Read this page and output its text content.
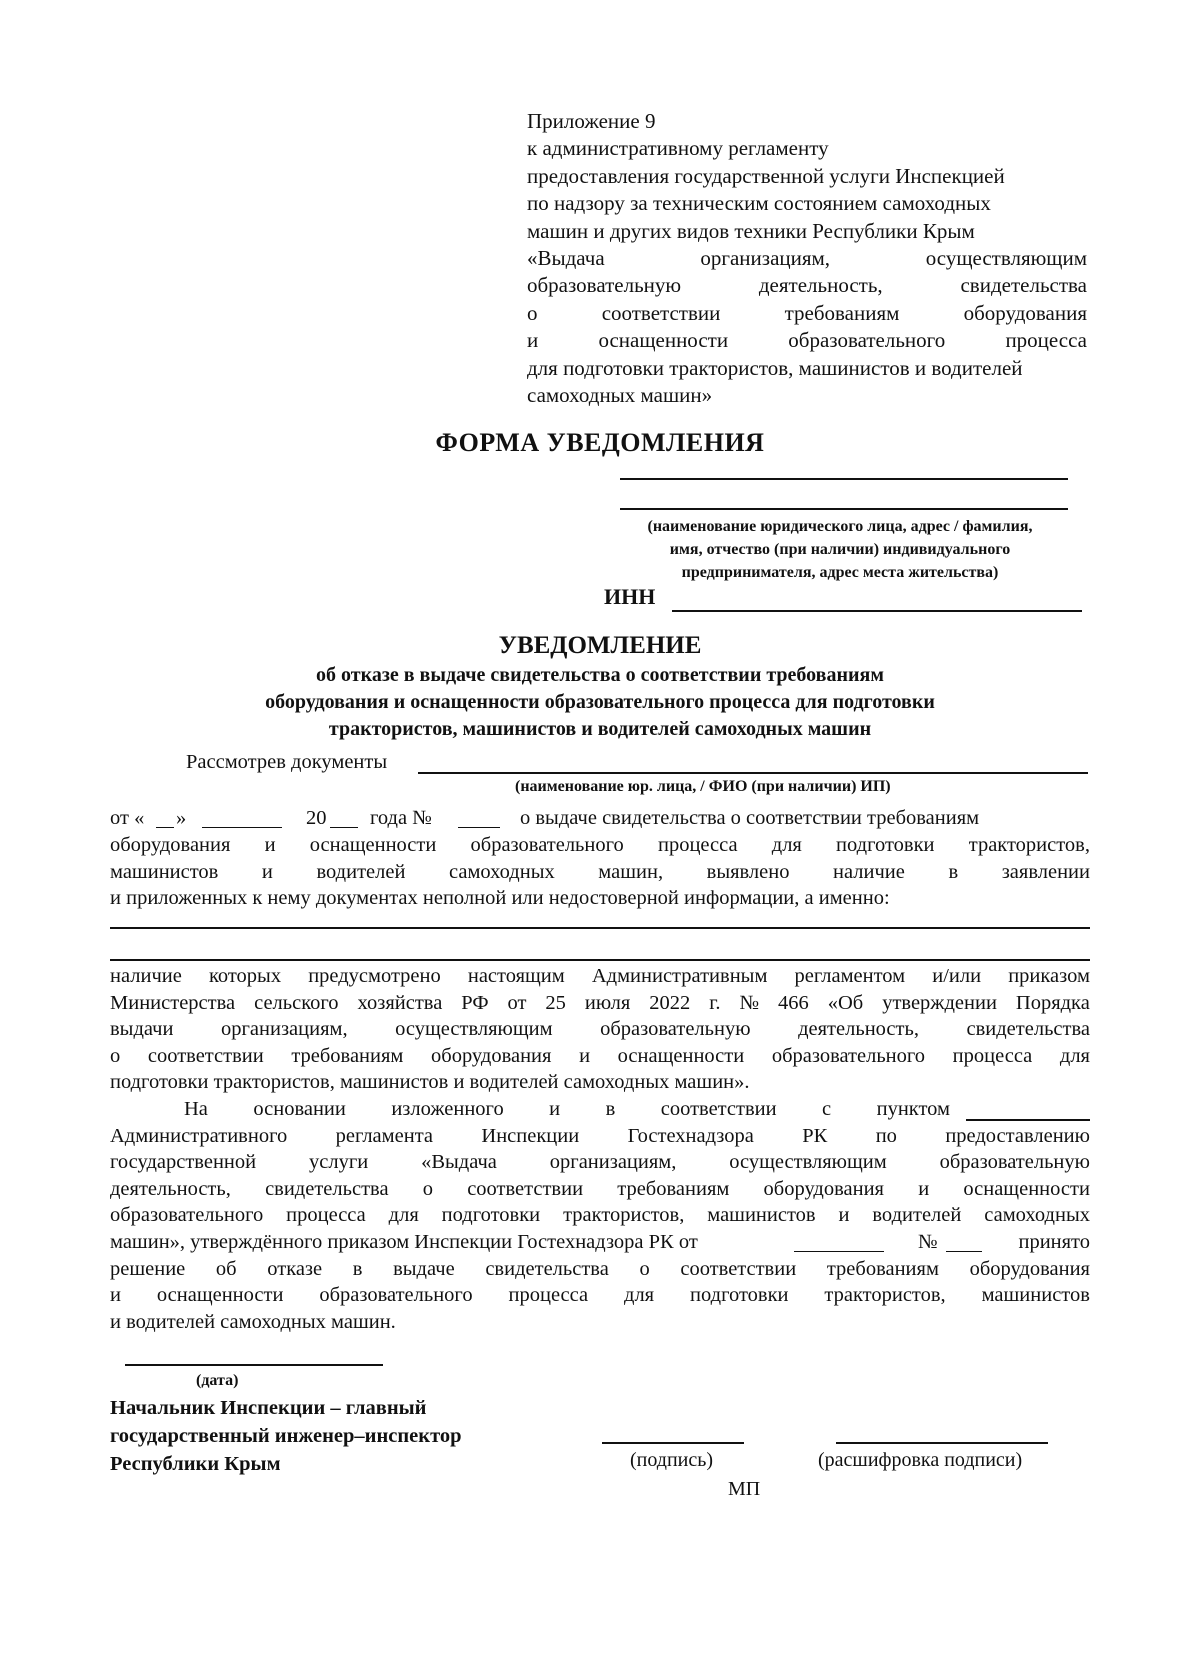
Приложение 9
к административному регламенту
предоставления государственной услуги Инспекцией
по надзору за техническим состоянием самоходных
машин и других видов техники Республики Крым
«Выдача	организациям,	осуществляющим
образовательную	деятельность,	свидетельства
о	соответствии	требованиям	оборудования
и	оснащенности	образовательного	процесса
для подготовки трактористов, машинистов и водителей
самоходных машин»
ФОРМА УВЕДОМЛЕНИЯ
(наименование юридического лица, адрес / фамилия,
имя, отчество (при наличии) индивидуального
предпринимателя, адрес места жительства)
ИНН
УВЕДОМЛЕНИЕ
об отказе в выдаче свидетельства о соответствии требованиям
оборудования и оснащенности образовательного процесса для подготовки
трактористов, машинистов и водителей самоходных машин
Рассмотрев документы
(наименование юр. лица, / ФИО (при наличии) ИП)
от « »	20 года №	о выдаче свидетельства о соответствии требованиям
оборудования и оснащенности образовательного процесса для подготовки трактористов,
машинистов и водителей самоходных машин, выявлено наличие в заявлении
и приложенных к нему документах неполной или недостоверной информации, а именно:
наличие которых предусмотрено настоящим Административным регламентом и/или приказом
Министерства сельского хозяйства РФ от 25 июля 2022 г. № 466 «Об утверждении Порядка
выдачи организациям, осуществляющим образовательную деятельность, свидетельства
о соответствии требованиям оборудования и оснащенности образовательного процесса для
подготовки трактористов, машинистов и водителей самоходных машин».
На основании изложенного и в соответствии с пунктом
Административного регламента Инспекции Гостехнадзора РК по предоставлению
государственной	услуги	«Выдача	организациям,	осуществляющим	образовательную
деятельность, свидетельства о соответствии требованиям оборудования и оснащенности
образовательного процесса для подготовки трактористов, машинистов и водителей самоходных
машин», утверждённого приказом Инспекции Гостехнадзора РК от	№	принято
решение об отказе в выдаче свидетельства о соответствии требованиям оборудования
и оснащенности образовательного процесса для подготовки трактористов, машинистов
и водителей самоходных машин.
(дата)
Начальник Инспекции – главный
государственный инженер–инспектор
Республики Крым	(подпись)	(расшифровка подписи)
МП
